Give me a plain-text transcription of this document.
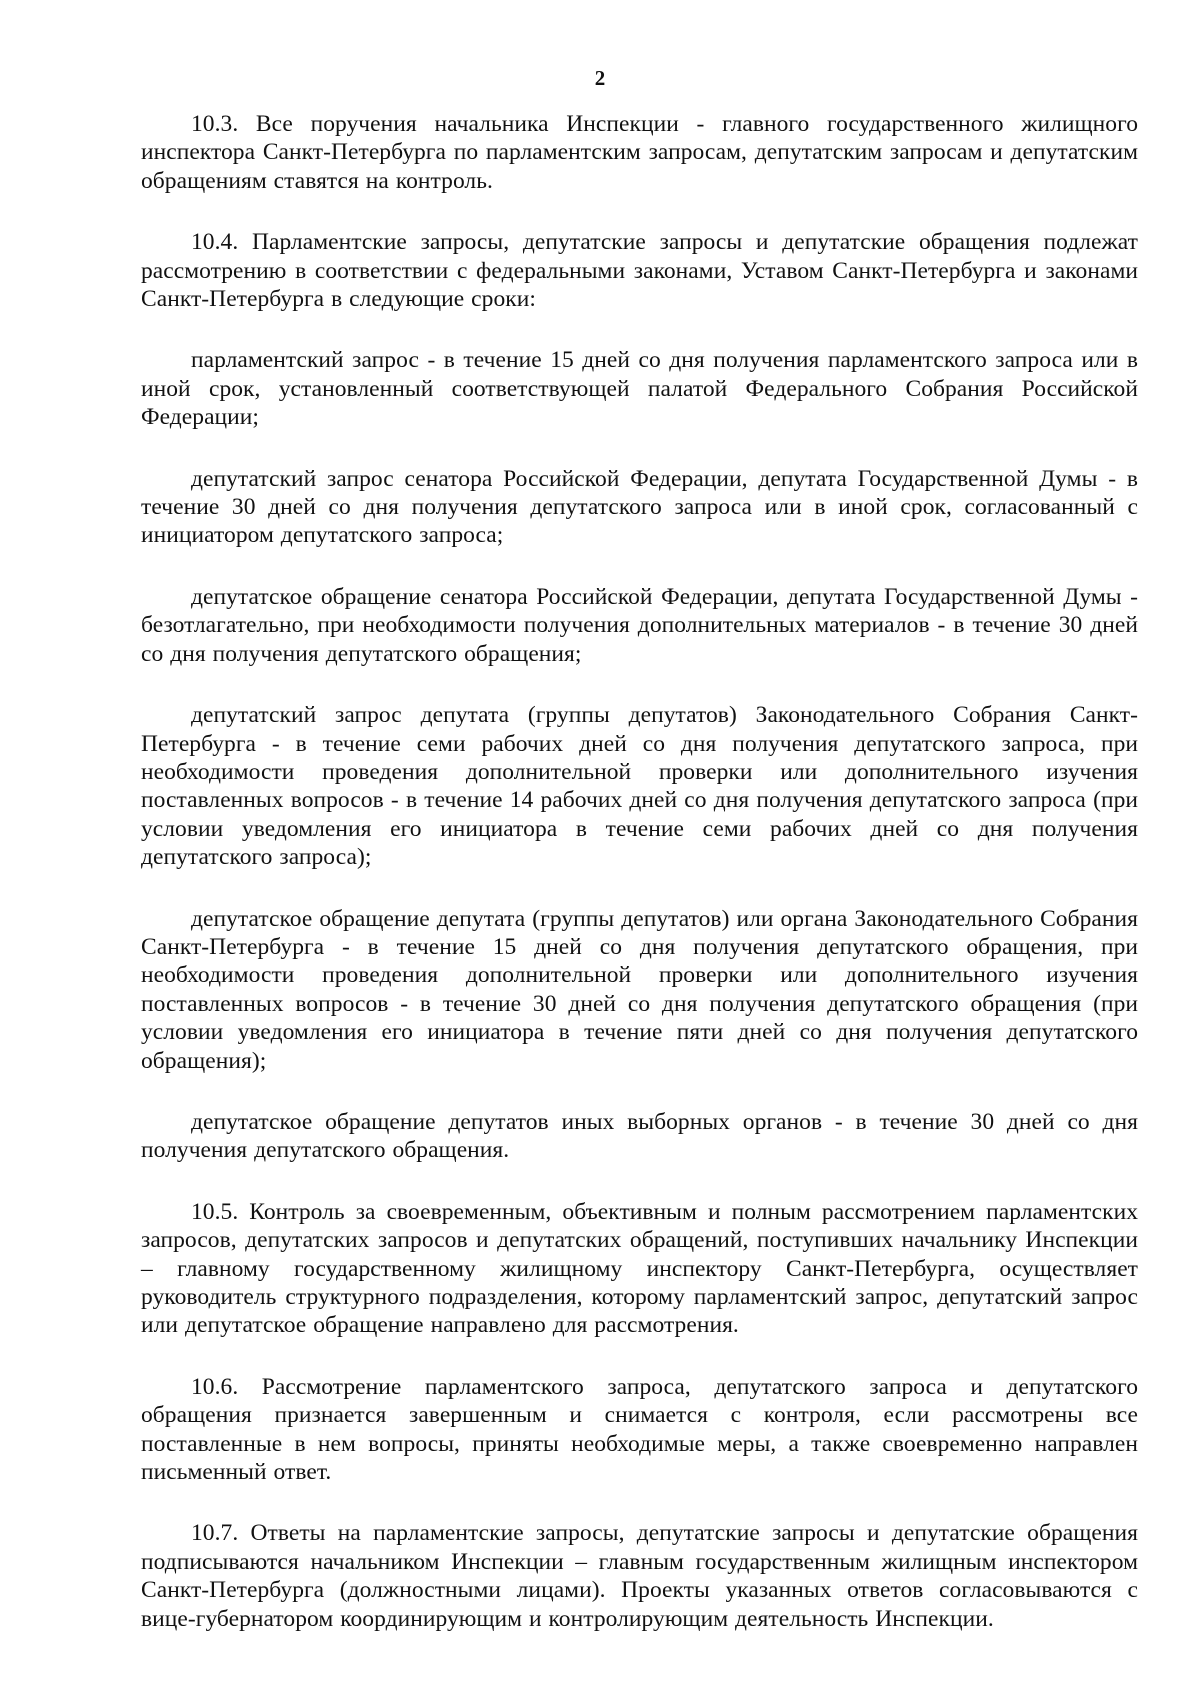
2

10.3. Все поручения начальника Инспекции - главного государственного жилищного инспектора Санкт-Петербурга по парламентским запросам, депутатским запросам и депутатским обращениям ставятся на контроль.

10.4. Парламентские запросы, депутатские запросы и депутатские обращения подлежат рассмотрению в соответствии с федеральными законами, Уставом Санкт-Петербурга и законами Санкт-Петербурга в следующие сроки:

парламентский запрос - в течение 15 дней со дня получения парламентского запроса или в иной срок, установленный соответствующей палатой Федерального Собрания Российской Федерации;

депутатский запрос сенатора Российской Федерации, депутата Государственной Думы - в течение 30 дней со дня получения депутатского запроса или в иной срок, согласованный с инициатором депутатского запроса;

депутатское обращение сенатора Российской Федерации, депутата Государственной Думы - безотлагательно, при необходимости получения дополнительных материалов - в течение 30 дней со дня получения депутатского обращения;

депутатский запрос депутата (группы депутатов) Законодательного Собрания Санкт-Петербурга - в течение семи рабочих дней со дня получения депутатского запроса, при необходимости проведения дополнительной проверки или дополнительного изучения поставленных вопросов - в течение 14 рабочих дней со дня получения депутатского запроса (при условии уведомления его инициатора в течение семи рабочих дней со дня получения депутатского запроса);

депутатское обращение депутата (группы депутатов) или органа Законодательного Собрания Санкт-Петербурга - в течение 15 дней со дня получения депутатского обращения, при необходимости проведения дополнительной проверки или дополнительного изучения поставленных вопросов - в течение 30 дней со дня получения депутатского обращения (при условии уведомления его инициатора в течение пяти дней со дня получения депутатского обращения);

депутатское обращение депутатов иных выборных органов - в течение 30 дней со дня получения депутатского обращения.

10.5. Контроль за своевременным, объективным и полным рассмотрением парламентских запросов, депутатских запросов и депутатских обращений, поступивших начальнику Инспекции – главному государственному жилищному инспектору Санкт-Петербурга, осуществляет руководитель структурного подразделения, которому парламентский запрос, депутатский запрос или депутатское обращение направлено для рассмотрения.

10.6. Рассмотрение парламентского запроса, депутатского запроса и депутатского обращения признается завершенным и снимается с контроля, если рассмотрены все поставленные в нем вопросы, приняты необходимые меры, а также своевременно направлен письменный ответ.

10.7. Ответы на парламентские запросы, депутатские запросы и депутатские обращения подписываются начальником Инспекции – главным государственным жилищным инспектором Санкт-Петербурга (должностными лицами). Проекты указанных ответов согласовываются с вице-губернатором координирующим и контролирующим деятельность Инспекции.
